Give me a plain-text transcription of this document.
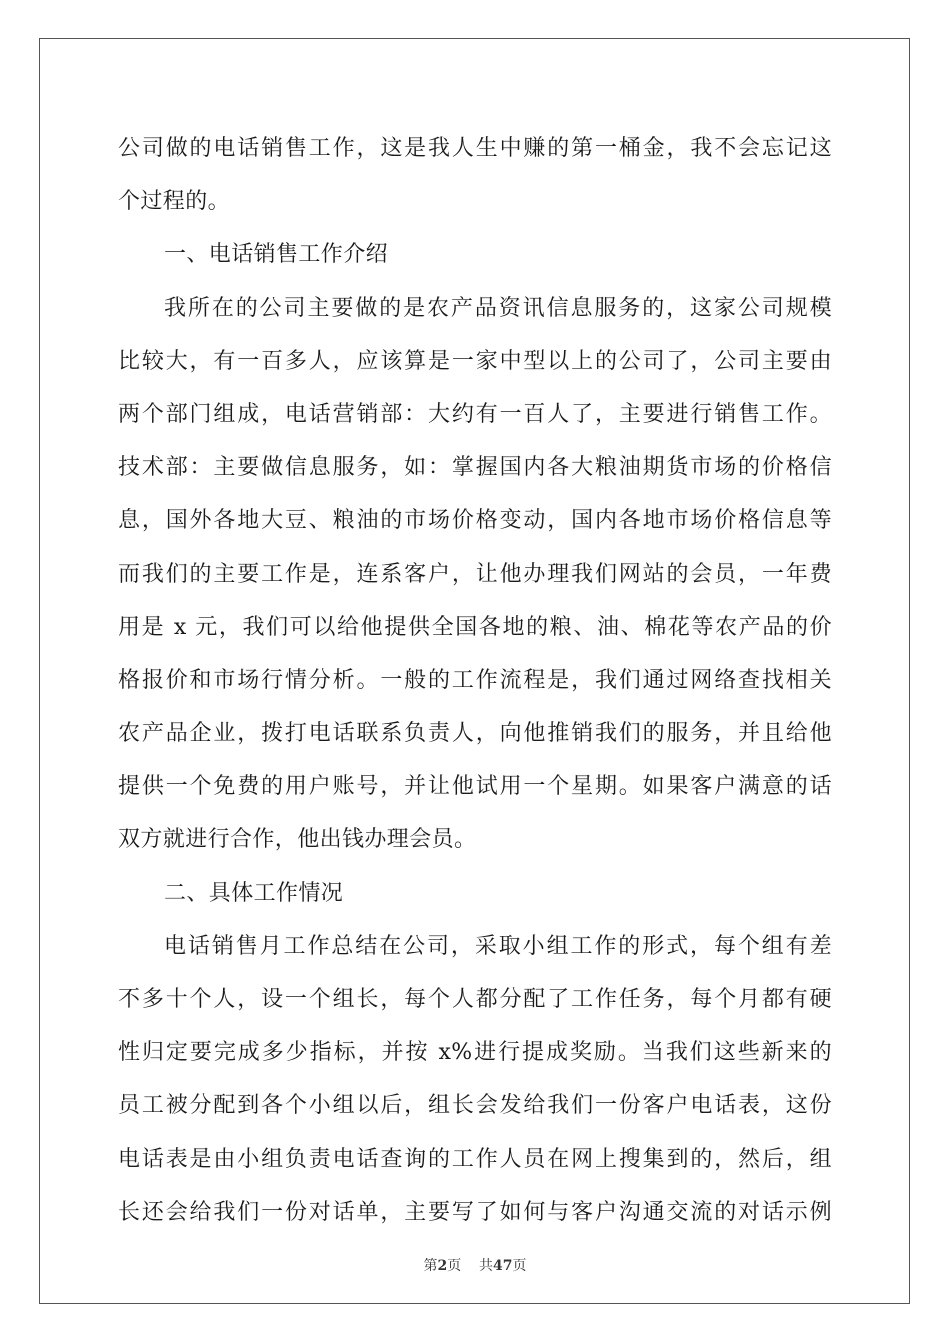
公司做的电话销售工作，这是我人生中赚的第一桶金，我不会忘记这
个过程的。
一、电话销售工作介绍
我所在的公司主要做的是农产品资讯信息服务的，这家公司规模
比较大，有一百多人，应该算是一家中型以上的公司了，公司主要由
两个部门组成，电话营销部：大约有一百人了，主要进行销售工作。
技术部：主要做信息服务，如：掌握国内各大粮油期货市场的价格信
息，国外各地大豆、粮油的市场价格变动，国内各地市场价格信息等
而我们的主要工作是，连系客户，让他办理我们网站的会员，一年费
用是 x 元，我们可以给他提供全国各地的粮、油、棉花等农产品的价
格报价和市场行情分析。一般的工作流程是，我们通过网络查找相关
农产品企业，拨打电话联系负责人，向他推销我们的服务，并且给他
提供一个免费的用户账号，并让他试用一个星期。如果客户满意的话
双方就进行合作，他出钱办理会员。
二、具体工作情况
电话销售月工作总结在公司，采取小组工作的形式，每个组有差
不多十个人，设一个组长，每个人都分配了工作任务，每个月都有硬
性归定要完成多少指标，并按 x%进行提成奖励。当我们这些新来的
员工被分配到各个小组以后，组长会发给我们一份客户电话表，这份
电话表是由小组负责电话查询的工作人员在网上搜集到的，然后，组
长还会给我们一份对话单，主要写了如何与客户沟通交流的对话示例
第2页 共47页
